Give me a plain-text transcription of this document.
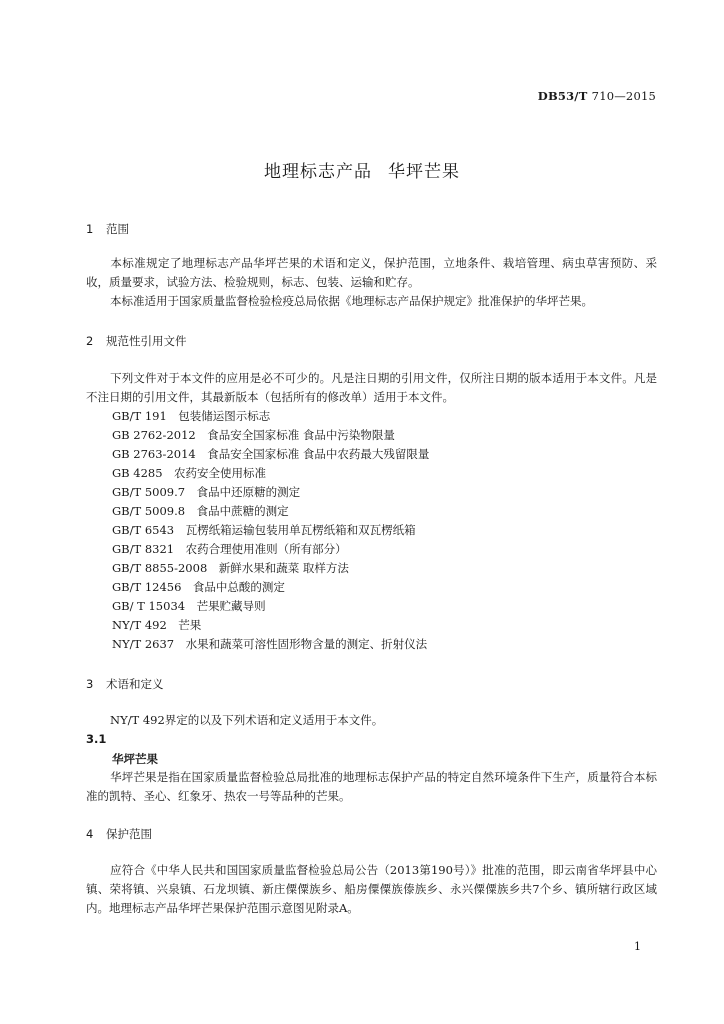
DB53/T 710—2015
地理标志产品 华坪芒果
1 范围
本标准规定了地理标志产品华坪芒果的术语和定义，保护范围，立地条件、栽培管理、病虫草害预防、采收，质量要求，试验方法、检验规则，标志、包装、运输和贮存。
本标准适用于国家质量监督检验检疫总局依据《地理标志产品保护规定》批准保护的华坪芒果。
2 规范性引用文件
下列文件对于本文件的应用是必不可少的。凡是注日期的引用文件，仅所注日期的版本适用于本文件。凡是不注日期的引用文件，其最新版本（包括所有的修改单）适用于本文件。
GB/T 191　包装储运图示标志
GB 2762-2012　食品安全国家标准 食品中污染物限量
GB 2763-2014　食品安全国家标准 食品中农药最大残留限量
GB 4285　农药安全使用标准
GB/T 5009.7　食品中还原糖的测定
GB/T 5009.8　食品中蔗糖的测定
GB/T 6543　瓦楞纸箱运输包装用单瓦楞纸箱和双瓦楞纸箱
GB/T 8321　农药合理使用准则（所有部分）
GB/T 8855-2008　新鲜水果和蔬菜 取样方法
GB/T 12456　食品中总酸的测定
GB/ T 15034　芒果贮藏导则
NY/T 492　芒果
NY/T 2637　水果和蔬菜可溶性固形物含量的测定、折射仪法
3 术语和定义
NY/T 492界定的以及下列术语和定义适用于本文件。
3.1
华坪芒果
华坪芒果是指在国家质量监督检验总局批准的地理标志保护产品的特定自然环境条件下生产，质量符合本标准的凯特、圣心、红象牙、热农一号等品种的芒果。
4 保护范围
应符合《中华人民共和国国家质量监督检验总局公告（2013第190号）》批准的范围，即云南省华坪县中心镇、荣将镇、兴泉镇、石龙坝镇、新庄僳僳族乡、船房僳僳族傣族乡、永兴僳僳族乡共7个乡、镇所辖行政区域内。地理标志产品华坪芒果保护范围示意图见附录A。
1
